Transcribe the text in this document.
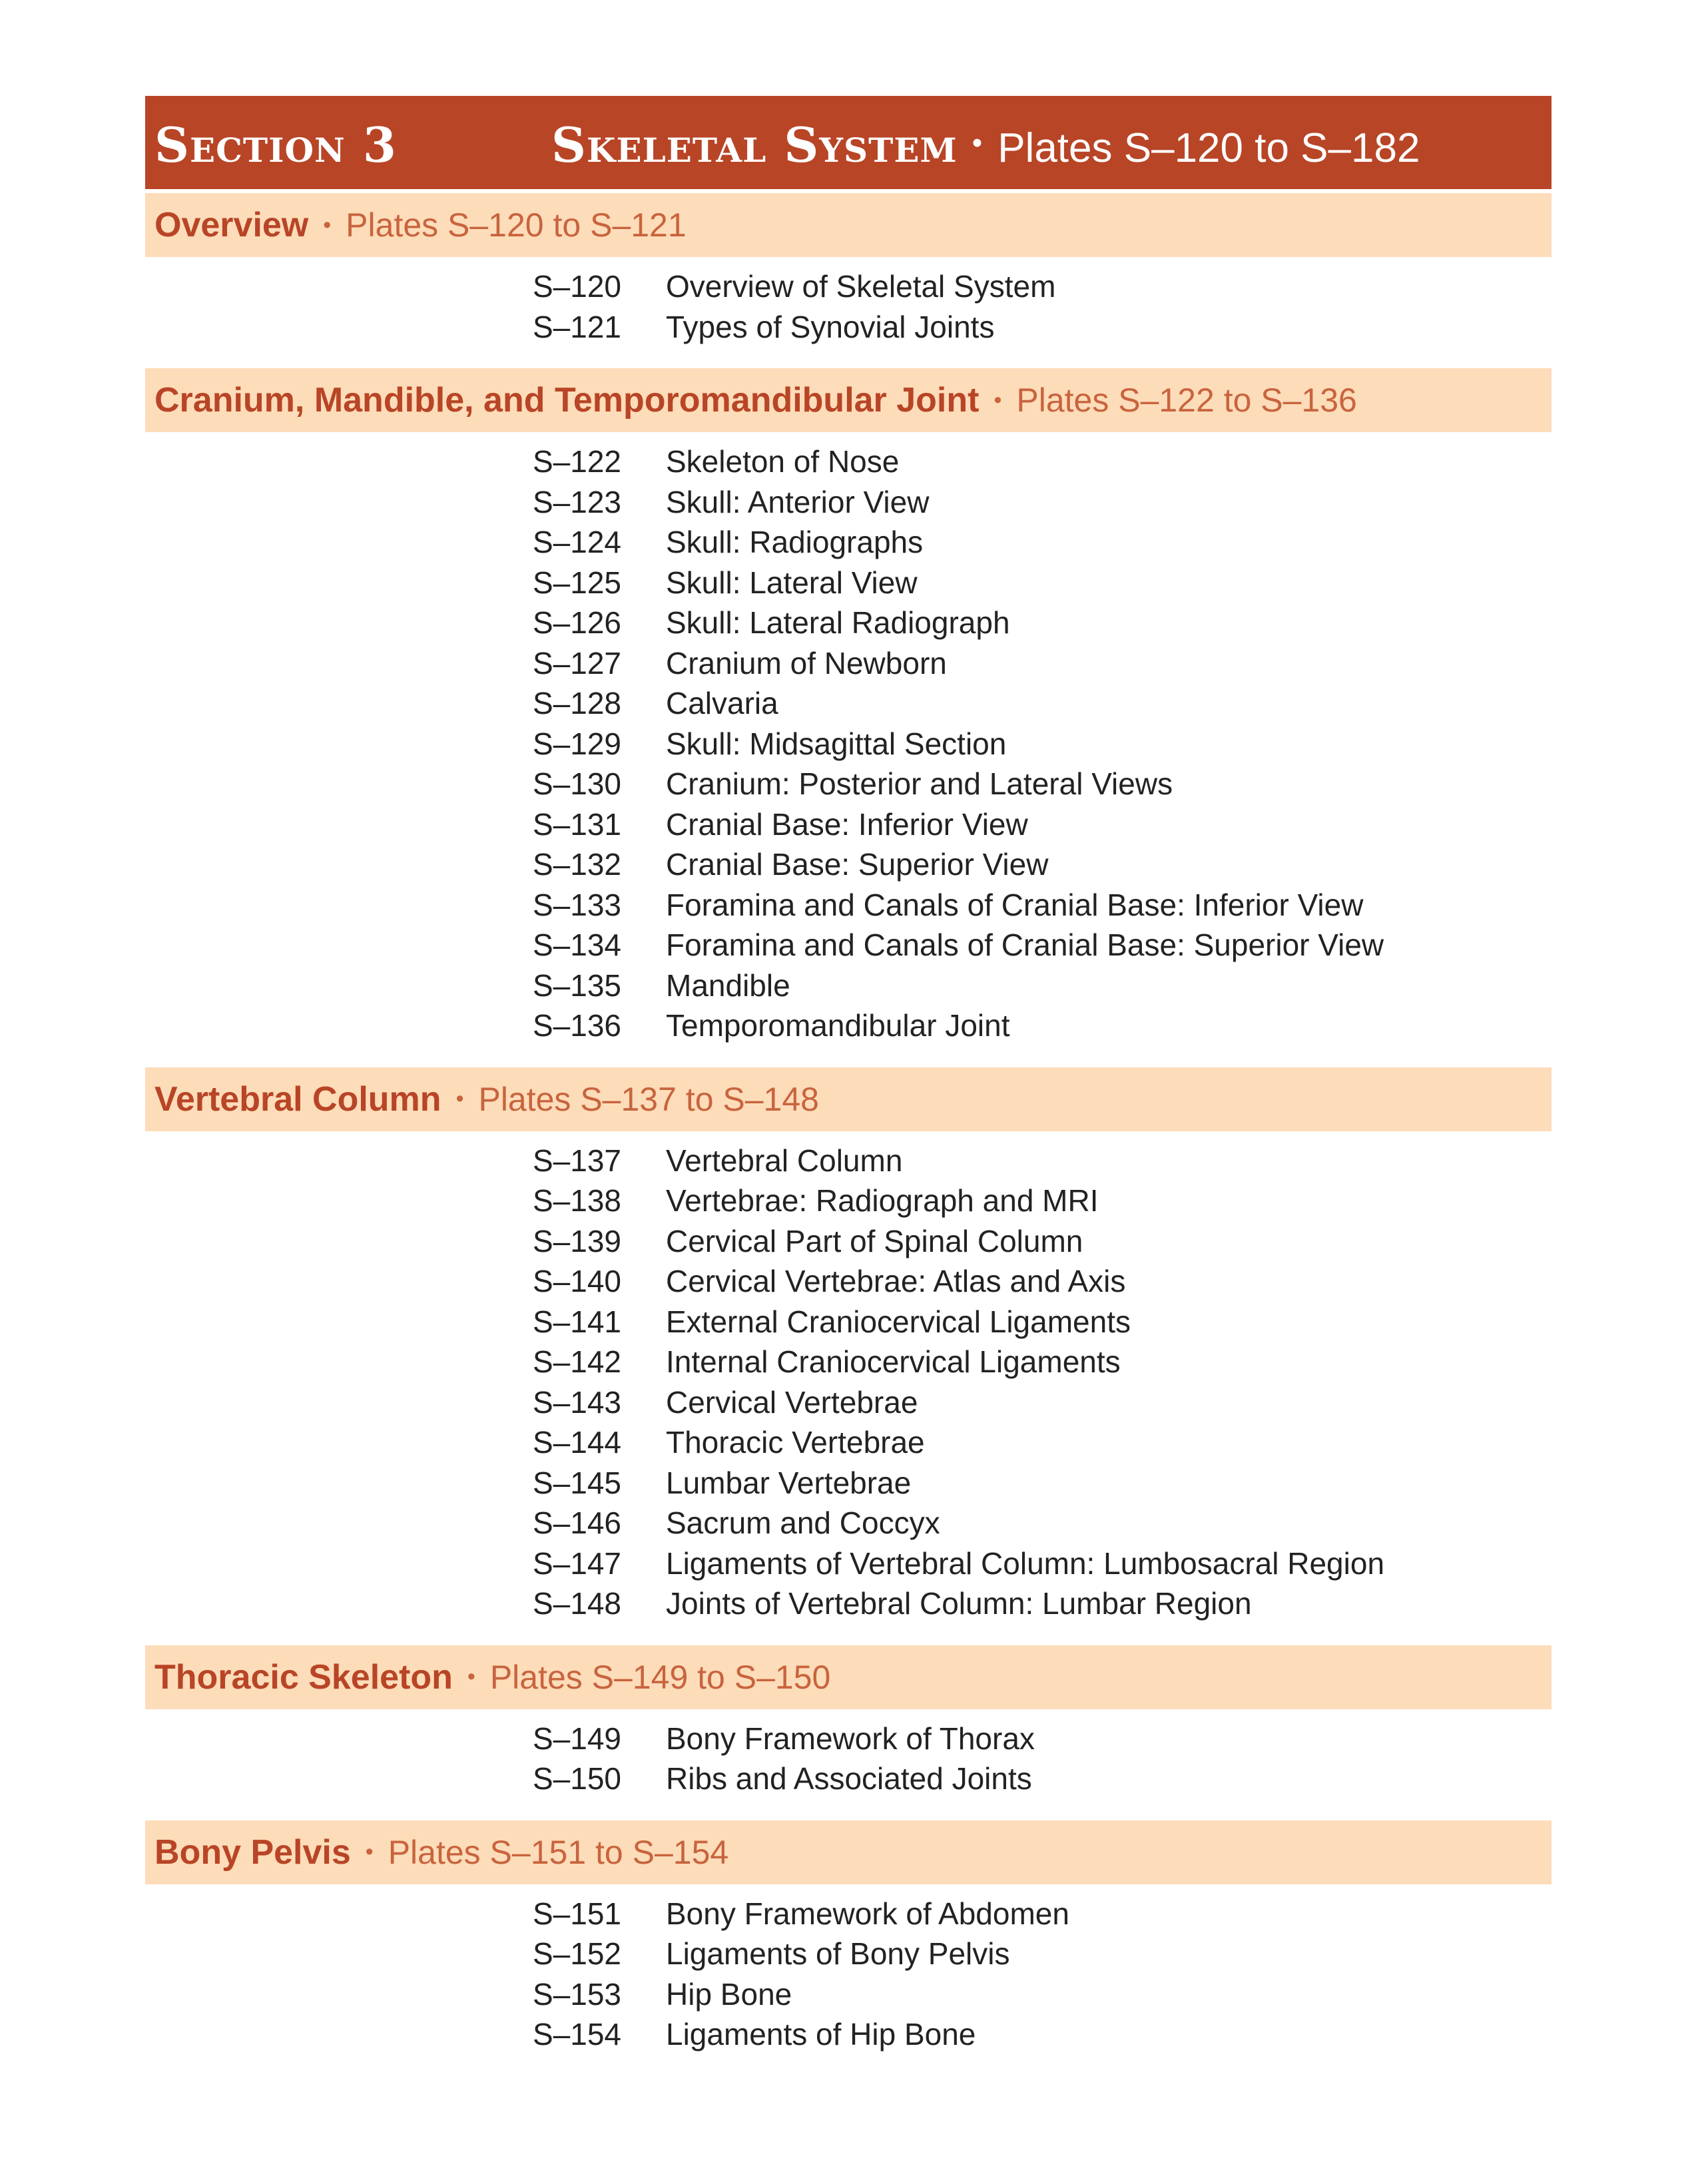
Section 3	Skeletal System • Plates S–120 to S–182
Overview • Plates S–120 to S–121
S–120	Overview of Skeletal System
S–121	Types of Synovial Joints
Cranium, Mandible, and Temporomandibular Joint • Plates S–122 to S–136
S–122	Skeleton of Nose
S–123	Skull: Anterior View
S–124	Skull: Radiographs
S–125	Skull: Lateral View
S–126	Skull: Lateral Radiograph
S–127	Cranium of Newborn
S–128	Calvaria
S–129	Skull: Midsagittal Section
S–130	Cranium: Posterior and Lateral Views
S–131	Cranial Base: Inferior View
S–132	Cranial Base: Superior View
S–133	Foramina and Canals of Cranial Base: Inferior View
S–134	Foramina and Canals of Cranial Base: Superior View
S–135	Mandible
S–136	Temporomandibular Joint
Vertebral Column • Plates S–137 to S–148
S–137	Vertebral Column
S–138	Vertebrae: Radiograph and MRI
S–139	Cervical Part of Spinal Column
S–140	Cervical Vertebrae: Atlas and Axis
S–141	External Craniocervical Ligaments
S–142	Internal Craniocervical Ligaments
S–143	Cervical Vertebrae
S–144	Thoracic Vertebrae
S–145	Lumbar Vertebrae
S–146	Sacrum and Coccyx
S–147	Ligaments of Vertebral Column: Lumbosacral Region
S–148	Joints of Vertebral Column: Lumbar Region
Thoracic Skeleton • Plates S–149 to S–150
S–149	Bony Framework of Thorax
S–150	Ribs and Associated Joints
Bony Pelvis • Plates S–151 to S–154
S–151	Bony Framework of Abdomen
S–152	Ligaments of Bony Pelvis
S–153	Hip Bone
S–154	Ligaments of Hip Bone
